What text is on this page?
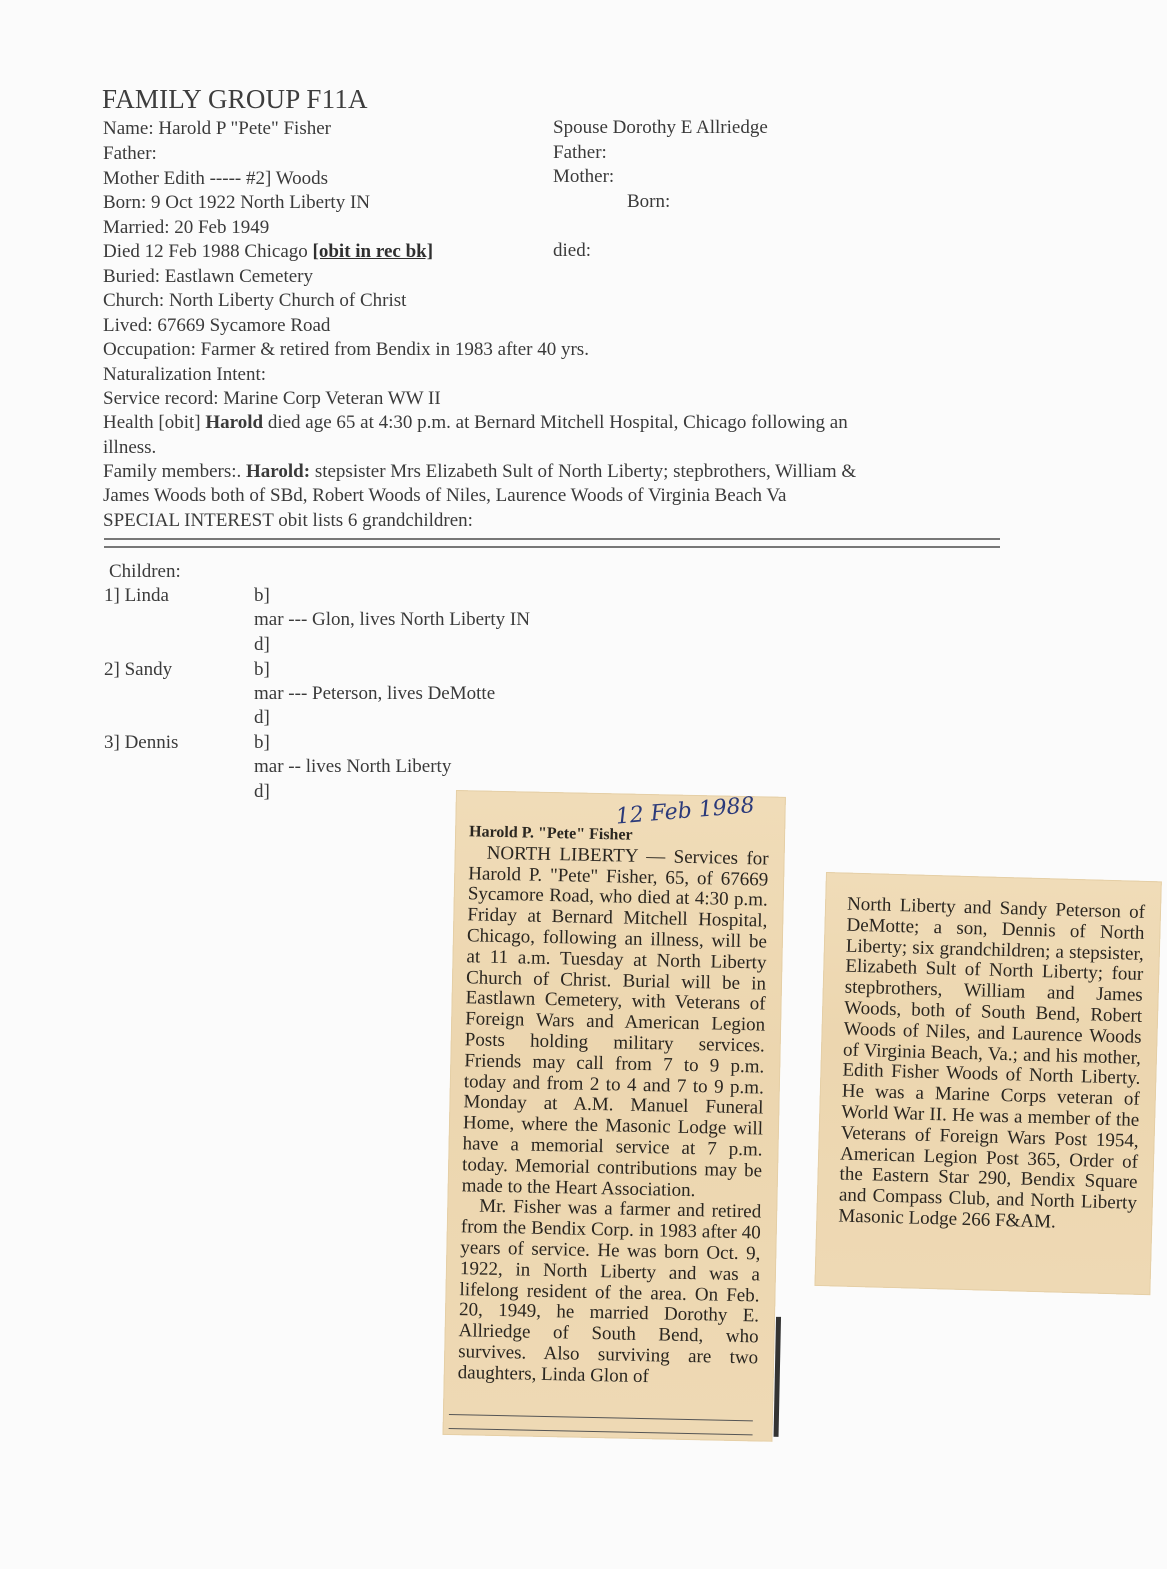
FAMILY GROUP F11A
Name: Harold P "Pete" Fisher
Father:
Mother Edith ----- #2] Woods
Born: 9 Oct 1922 North Liberty IN
Married: 20 Feb 1949
Died 12 Feb 1988 Chicago [obit in rec bk]
Buried: Eastlawn Cemetery
Church: North Liberty Church of Christ
Lived: 67669 Sycamore Road
Occupation: Farmer & retired from Bendix in 1983 after 40 yrs.
Naturalization Intent:
Service record: Marine Corp Veteran WW II
Health [obit] Harold died age 65 at 4:30 p.m. at Bernard Mitchell Hospital, Chicago following an
illness.
Family members:. Harold: stepsister Mrs Elizabeth Sult of North Liberty; stepbrothers, William &
James Woods both of SBd, Robert Woods of Niles, Laurence Woods of Virginia Beach Va
SPECIAL INTEREST obit lists 6 grandchildren:
Spouse Dorothy E Allriedge
Father:
Mother:
Born:
died:
Children:
1] Linda	b]
mar --- Glon, lives North Liberty IN
d]
2] Sandy	b]
mar --- Peterson, lives DeMotte
d]
3] Dennis	b]
mar -- lives North Liberty
d]
12 Feb 1988

Harold P. "Pete" Fisher

NORTH LIBERTY — Services for Harold P. "Pete" Fisher, 65, of 67669 Sycamore Road, who died at 4:30 p.m. Friday at Bernard Mitchell Hospital, Chicago, following an illness, will be at 11 a.m. Tuesday at North Liberty Church of Christ. Burial will be in Eastlawn Cemetery, with Veterans of Foreign Wars and American Legion Posts holding military services. Friends may call from 7 to 9 p.m. today and from 2 to 4 and 7 to 9 p.m. Monday at A.M. Manuel Funeral Home, where the Masonic Lodge will have a memorial service at 7 p.m. today. Memorial contributions may be made to the Heart Association.

Mr. Fisher was a farmer and retired from the Bendix Corp. in 1983 after 40 years of service. He was born Oct. 9, 1922, in North Liberty and was a lifelong resident of the area. On Feb. 20, 1949, he married Dorothy E. Allriedge of South Bend, who survives. Also surviving are two daughters, Linda Glon of

North Liberty and Sandy Peterson of DeMotte; a son, Dennis of North Liberty; six grandchildren; a stepsister, Elizabeth Sult of North Liberty; four stepbrothers, William and James Woods, both of South Bend, Robert Woods of Niles, and Laurence Woods of Virginia Beach, Va.; and his mother, Edith Fisher Woods of North Liberty. He was a Marine Corps veteran of World War II. He was a member of the Veterans of Foreign Wars Post 1954, American Legion Post 365, Order of the Eastern Star 290, Bendix Square and Compass Club, and North Liberty Masonic Lodge 266 F&AM.
